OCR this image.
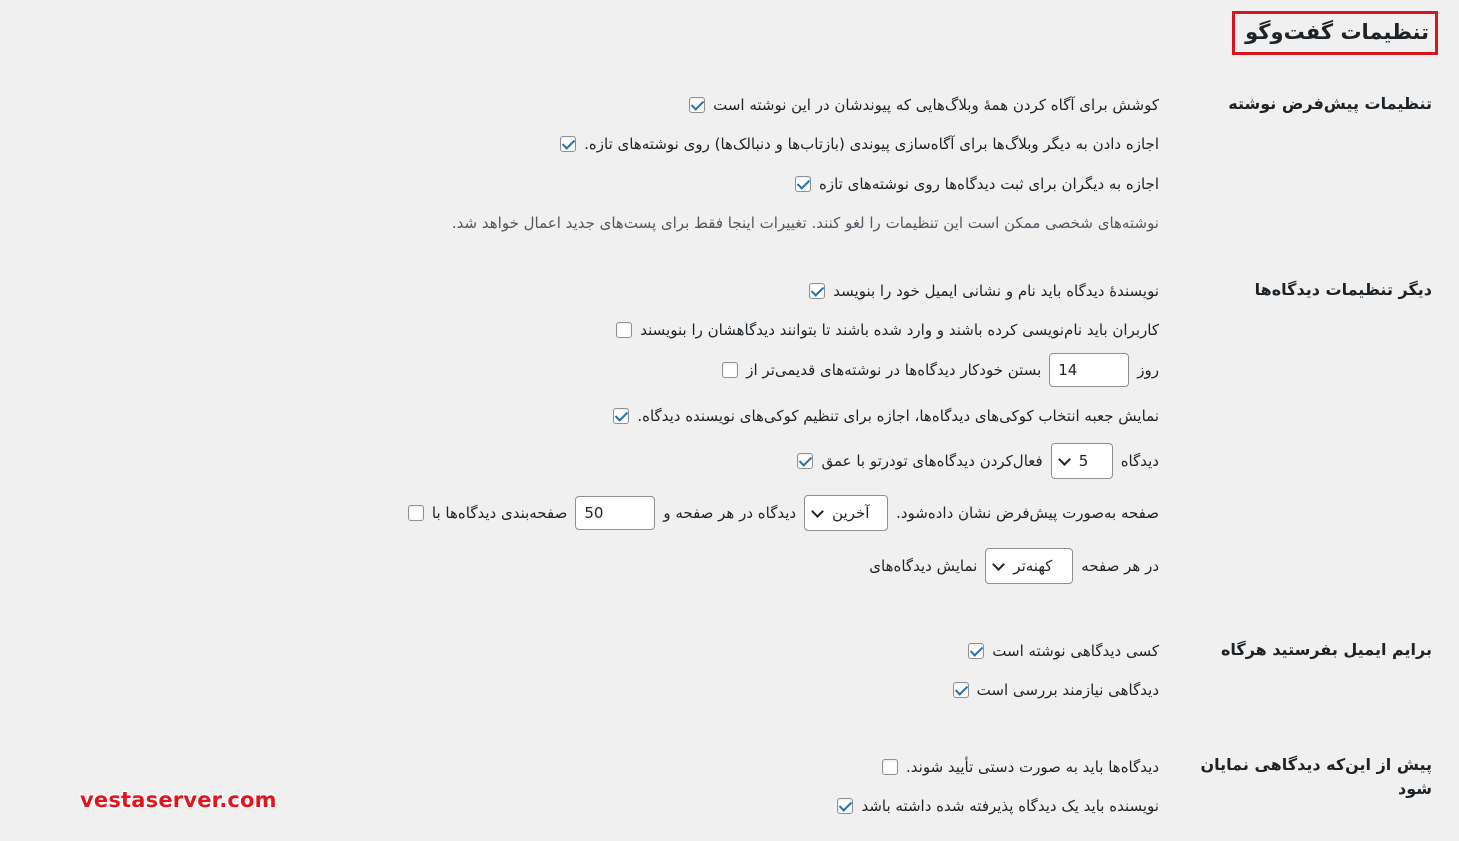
تنظیمات گفت‌وگو
تنظیمات پیش‌فرض نوشته
کوشش برای آگاه کردن همهٔ وبلاگ‌هایی که پیوندشان در این نوشته است
اجازه دادن به دیگر وبلاگ‌ها برای آگاه‌سازی پیوندی (بازتاب‌ها و دنبالک‌ها) روی نوشته‌های تازه.
اجازه به دیگران برای ثبت دیدگاه‌ها روی نوشته‌های تازه
نوشته‌های شخصی ممکن است این تنظیمات را لغو کنند. تغییرات اینجا فقط برای پست‌های جدید اعمال خواهد شد.
دیگر تنظیمات دیدگاه‌ها
نویسندهٔ دیدگاه باید نام و نشانی ایمیل خود را بنویسد
کاربران باید نام‌نویسی کرده باشند و وارد شده باشند تا بتوانند دیدگاهشان را بنویسند
بستن خودکار دیدگاه‌ها در نوشته‌های قدیمی‌تر از
14	روز
نمایش جعبه انتخاب کوکی‌های دیدگاه‌ها، اجازه برای تنظیم کوکی‌های نویسنده دیدگاه.
فعال‌کردن دیدگاه‌های تودرتو با عمق 5 دیدگاه
صفحه‌بندی دیدگاه‌ها با
50	دیدگاه در هر صفحه و آخرین صفحه به‌صورت پیش‌فرض نشان داده‌شود.
نمایش دیدگاه‌های کهنه‌تر در هر صفحه
برایم ایمیل بفرستید هرگاه
کسی دیدگاهی نوشته است
دیدگاهی نیازمند بررسی است
پیش از این‌که دیدگاهی نمایان شود
دیدگاه‌ها باید به صورت دستی تأیید شوند.
نویسنده باید یک دیدگاه پذیرفته شده داشته باشد
vestaserver.com
